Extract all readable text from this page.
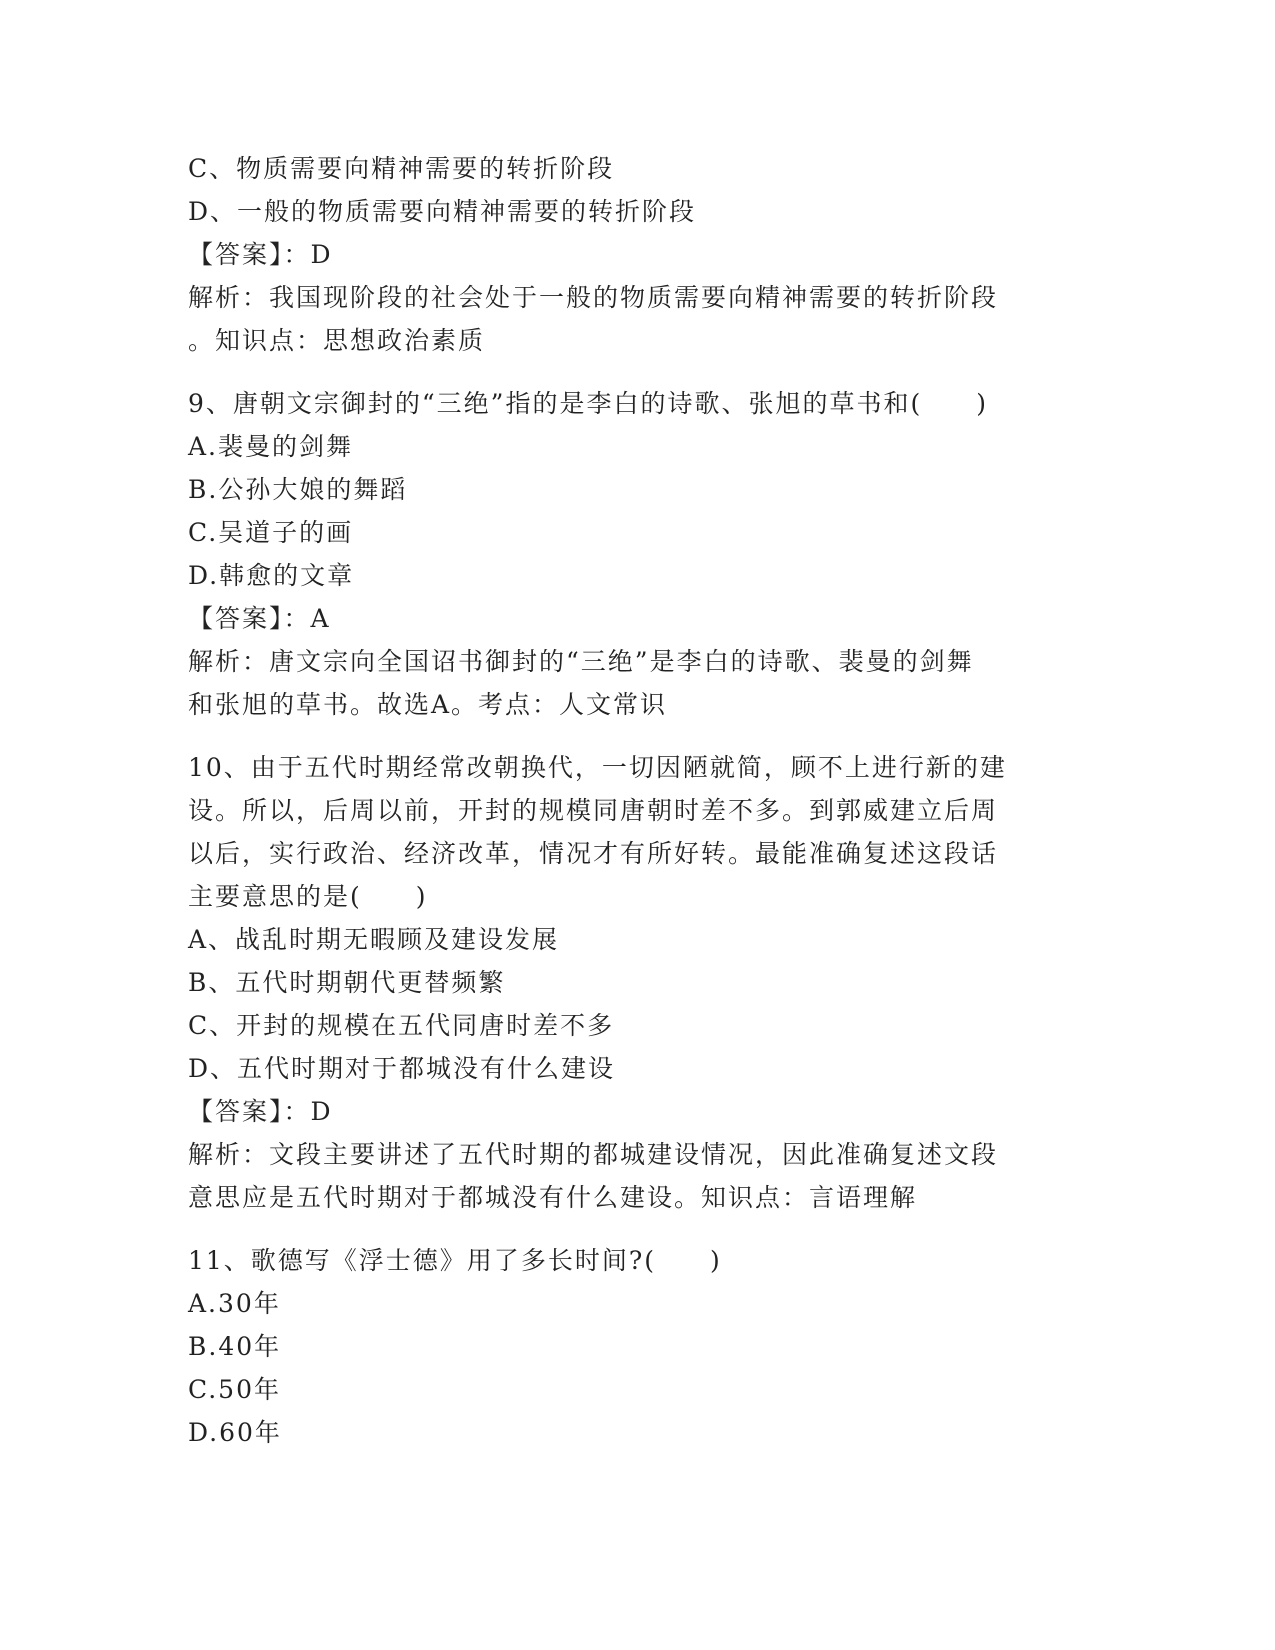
C、物质需要向精神需要的转折阶段
D、一般的物质需要向精神需要的转折阶段
【答案】：D
解析：我国现阶段的社会处于一般的物质需要向精神需要的转折阶段
。知识点：思想政治素质
9、唐朝文宗御封的“三绝”指的是李白的诗歌、张旭的草书和(　　)
A.裴曼的剑舞
B.公孙大娘的舞蹈
C.吴道子的画
D.韩愈的文章
【答案】：A
解析：唐文宗向全国诏书御封的“三绝”是李白的诗歌、裴曼的剑舞
和张旭的草书。故选A。考点：人文常识
10、由于五代时期经常改朝换代，一切因陋就简，顾不上进行新的建
设。所以，后周以前，开封的规模同唐朝时差不多。到郭威建立后周
以后，实行政治、经济改革，情况才有所好转。最能准确复述这段话
主要意思的是(　　)
A、战乱时期无暇顾及建设发展
B、五代时期朝代更替频繁
C、开封的规模在五代同唐时差不多
D、五代时期对于都城没有什么建设
【答案】：D
解析：文段主要讲述了五代时期的都城建设情况，因此准确复述文段
意思应是五代时期对于都城没有什么建设。知识点：言语理解
11、歌德写《浮士德》用了多长时间?(　　)
A.30年
B.40年
C.50年
D.60年
